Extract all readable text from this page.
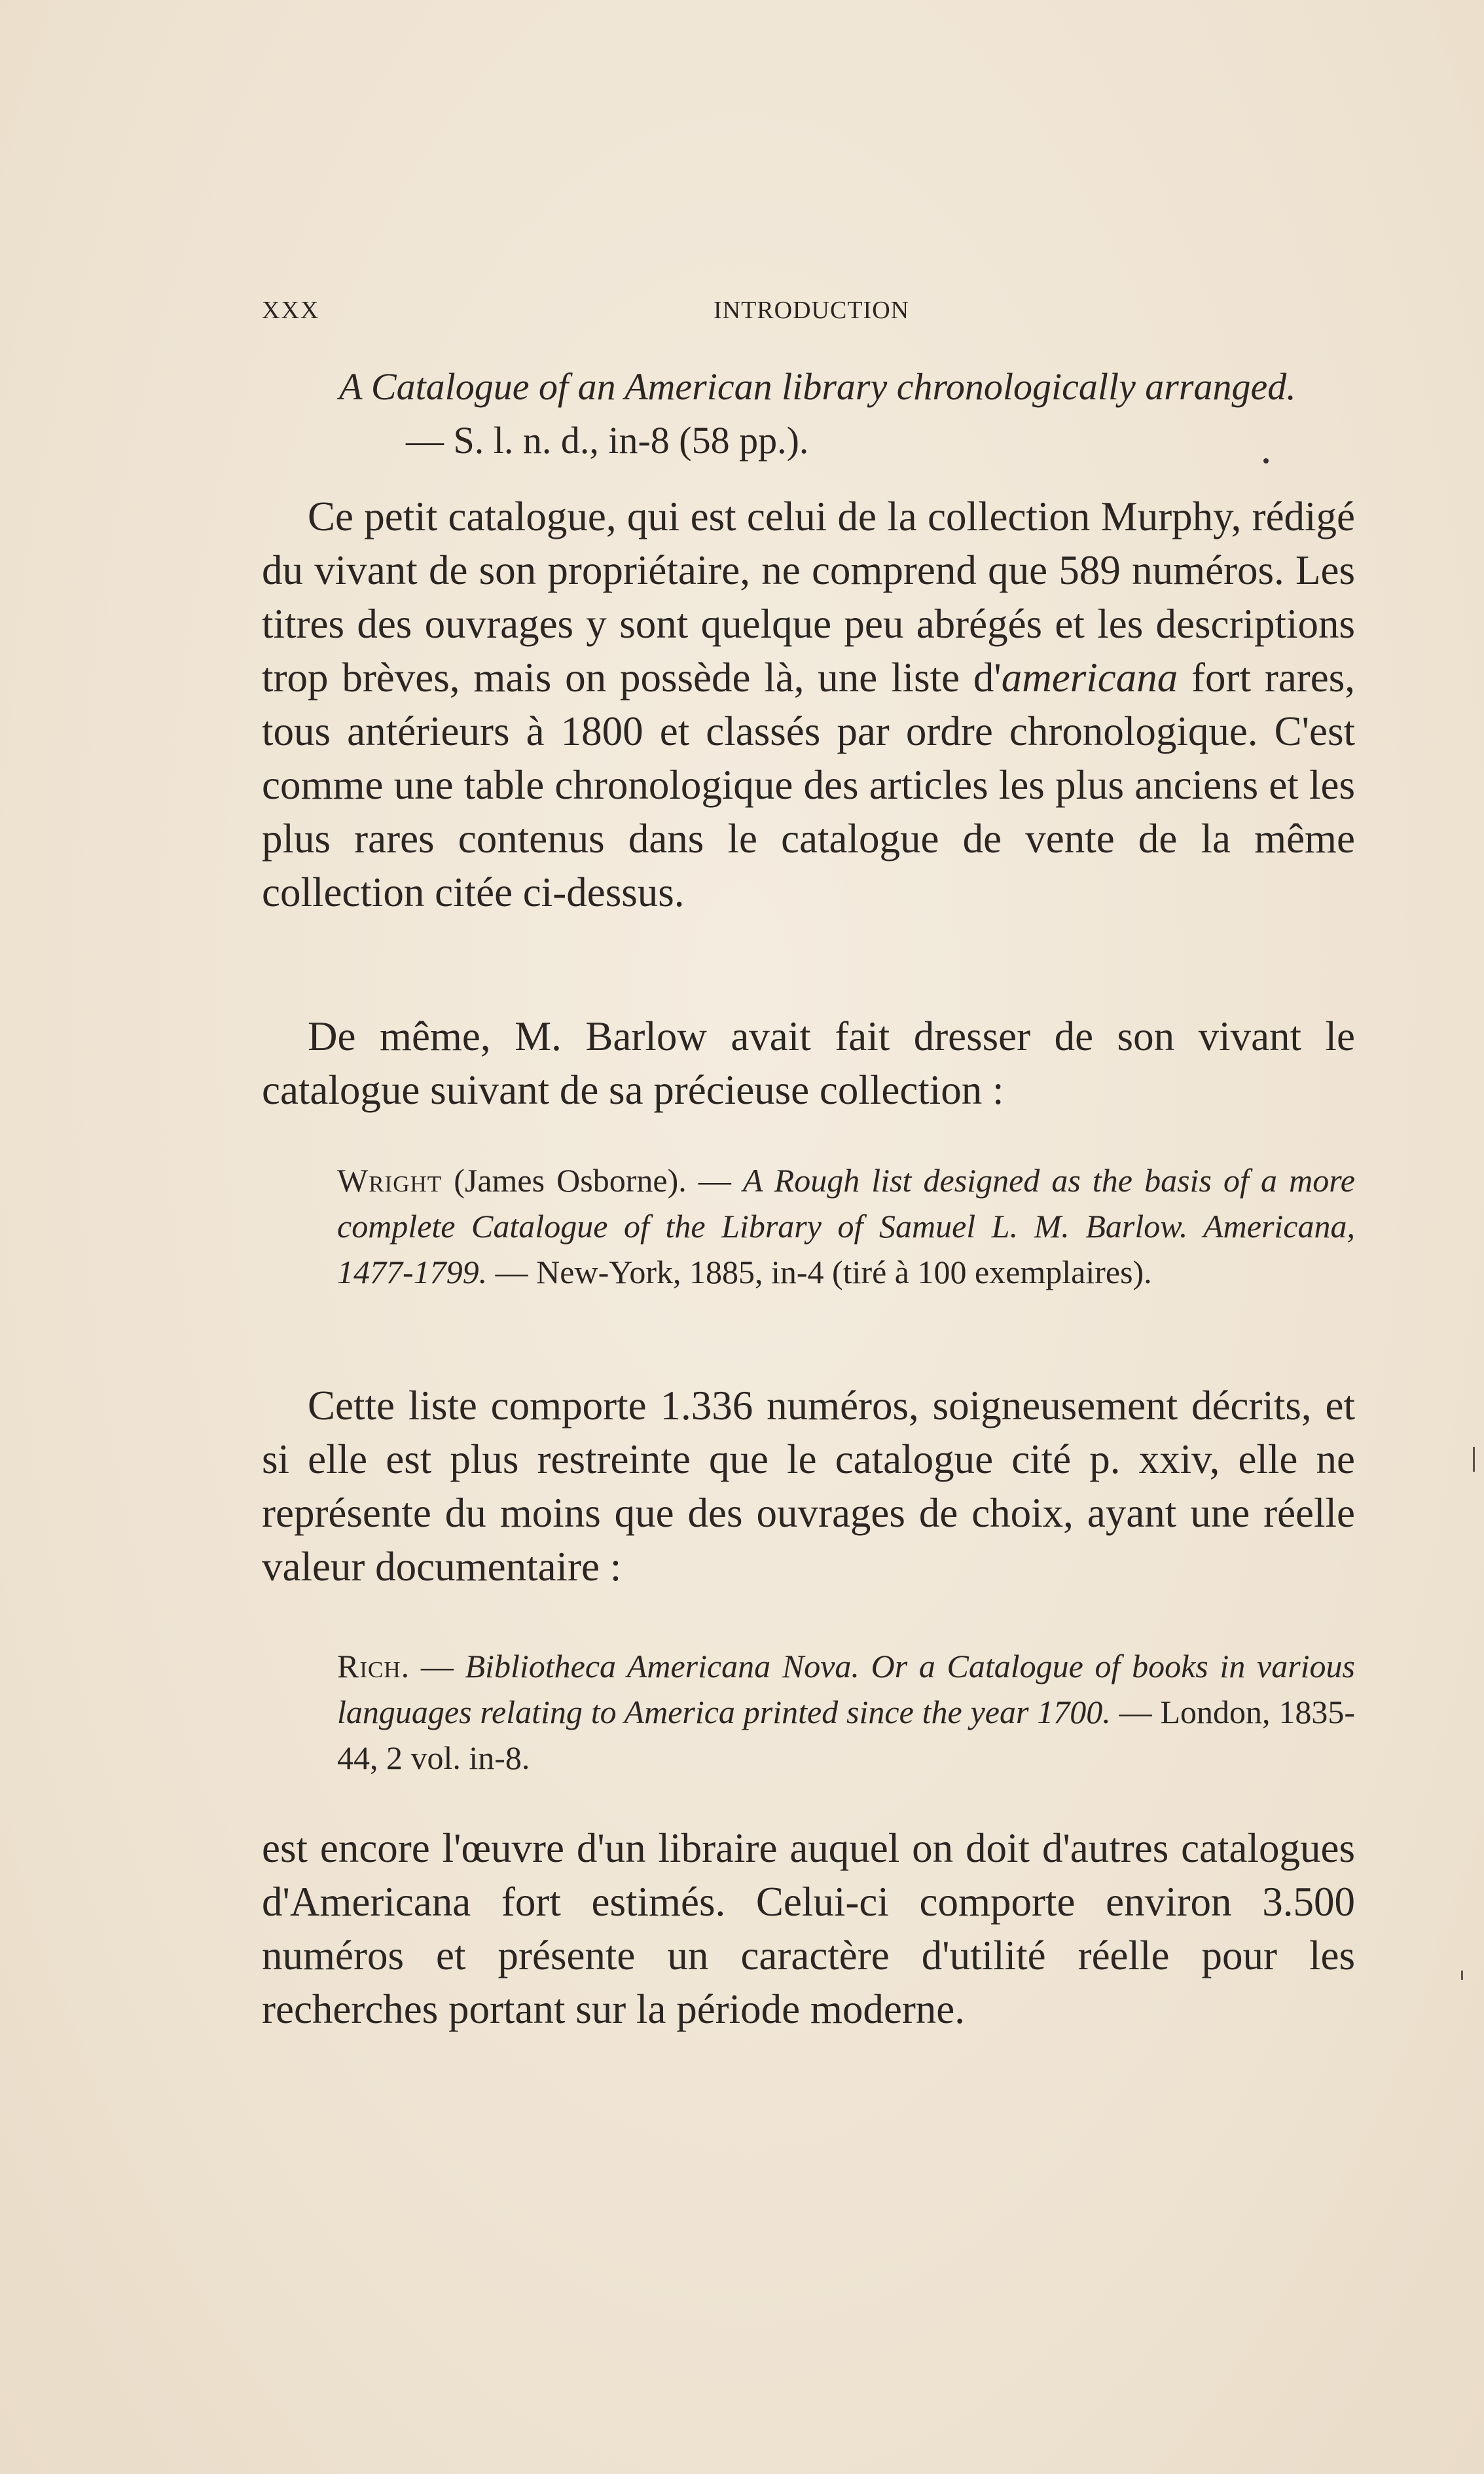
XXX	INTRODUCTION
A Catalogue of an American library chronologically arranged.
— S. l. n. d., in-8 (58 pp.).
Ce petit catalogue, qui est celui de la collection Murphy, rédigé du vivant de son propriétaire, ne comprend que 589 numéros. Les titres des ouvrages y sont quelque peu abrégés et les descriptions trop brèves, mais on possède là, une liste d'americana fort rares, tous antérieurs à 1800 et classés par ordre chronologique. C'est comme une table chronologique des articles les plus anciens et les plus rares contenus dans le catalogue de vente de la même collection citée ci-dessus.
De même, M. Barlow avait fait dresser de son vivant le catalogue suivant de sa précieuse collection :
Wright (James Osborne). — A Rough list designed as the basis of a more complete Catalogue of the Library of Samuel L. M. Barlow. Americana, 1477-1799. — New-York, 1885, in-4 (tiré à 100 exemplaires).
Cette liste comporte 1.336 numéros, soigneusement décrits, et si elle est plus restreinte que le catalogue cité p. xxiv, elle ne représente du moins que des ouvrages de choix, ayant une réelle valeur documentaire :
Rich. — Bibliotheca Americana Nova. Or a Catalogue of books in various languages relating to America printed since the year 1700. — London, 1835-44, 2 vol. in-8.
est encore l'œuvre d'un libraire auquel on doit d'autres catalogues d'Americana fort estimés. Celui-ci comporte environ 3.500 numéros et présente un caractère d'utilité réelle pour les recherches portant sur la période moderne.
